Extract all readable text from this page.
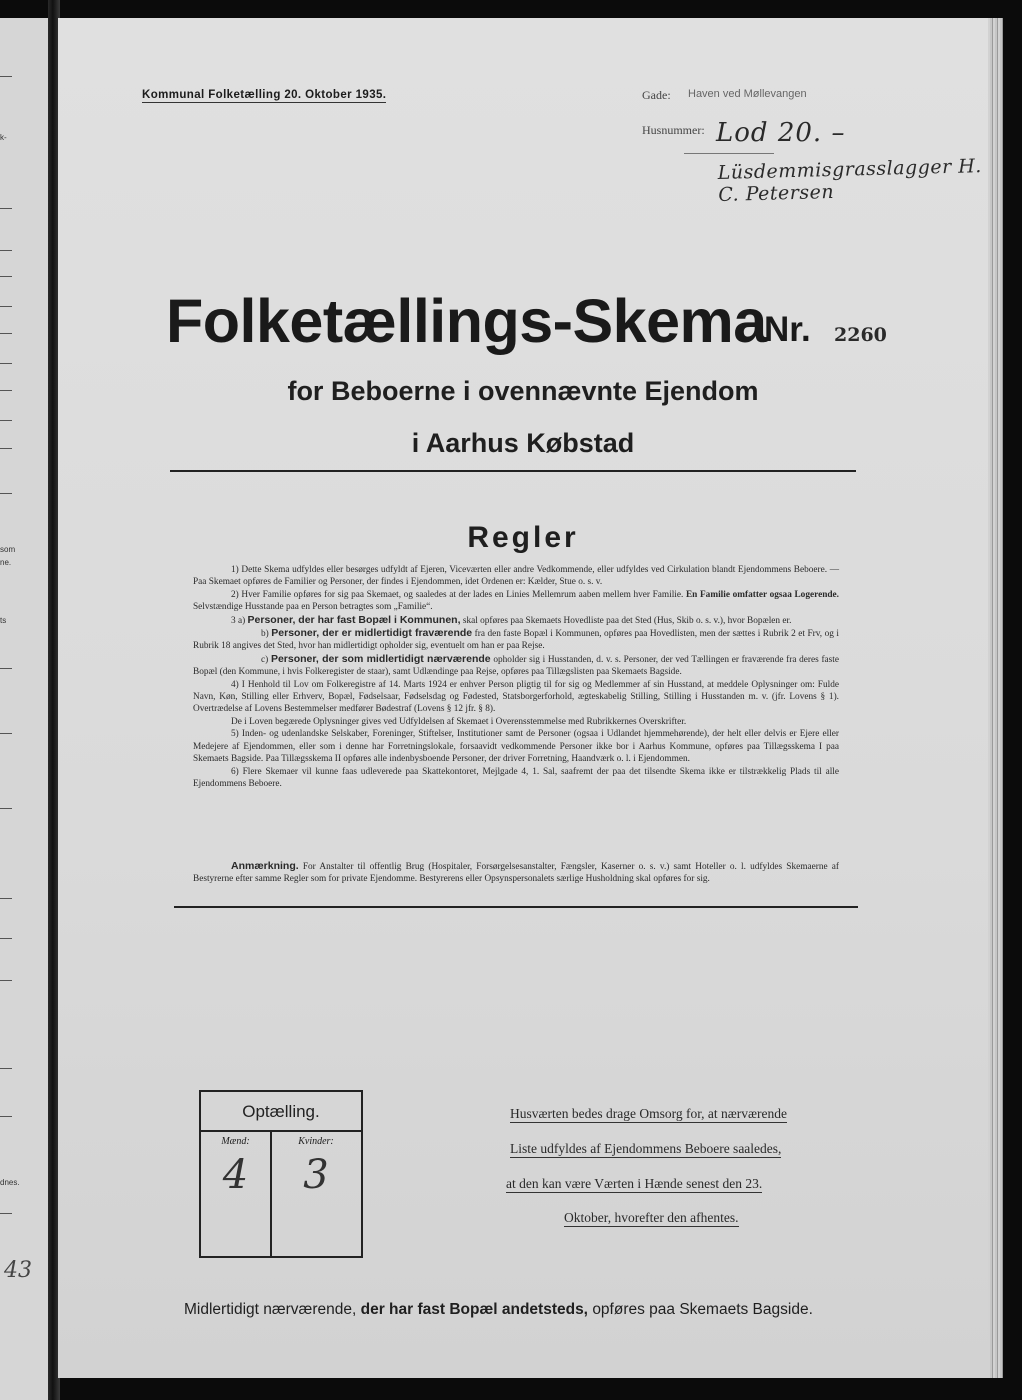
k-
som
ne.
ts
dnes.
43
Kommunal Folketælling 20. Oktober 1935.	Gade: Haven ved Møllevangen
Husnummer: Lod 20. –
Lüsdemmisgrasslagger H. C. Petersen
Folketællings-Skema
Nr. 2260
for Beboerne i ovennævnte Ejendom
i Aarhus Købstad
Regler

1) Dette Skema udfyldes eller besørges udfyldt af Ejeren, Viceværten eller andre Vedkommende, eller udfyldes ved Cirkulation blandt Ejendommens Beboere. — Paa Skemaet opføres de Familier og Personer, der findes i Ejendommen, idet Ordenen er: Kælder, Stue o. s. v.

2) Hver Familie opføres for sig paa Skemaet, og saaledes at der lades en Linies Mellemrum aaben mellem hver Familie. En Familie omfatter ogsaa Logerende. Selvstændige Husstande paa en Person betragtes som „Familie“.

3 a) Personer, der har fast Bopæl i Kommunen, skal opføres paa Skemaets Hovedliste paa det Sted (Hus, Skib o. s. v.), hvor Bopælen er.

b) Personer, der er midlertidigt fraværende fra den faste Bopæl i Kommunen, opføres paa Hovedlisten, men der sættes i Rubrik 2 et Frv, og i Rubrik 18 angives det Sted, hvor han midlertidigt opholder sig, eventuelt om han er paa Rejse.

c) Personer, der som midlertidigt nærværende opholder sig i Husstanden, d. v. s. Personer, der ved Tællingen er fraværende fra deres faste Bopæl (den Kommune, i hvis Folkeregister de staar), samt Udlændinge paa Rejse, opføres paa Tillægslisten paa Skemaets Bagside.

4) I Henhold til Lov om Folkeregistre af 14. Marts 1924 er enhver Person pligtig til for sig og Medlemmer af sin Husstand, at meddele Oplysninger om: Fulde Navn, Køn, Stilling eller Erhverv, Bopæl, Fødselsaar, Fødselsdag og Fødested, Statsborgerforhold, ægteskabelig Stilling, Stilling i Husstanden m. v. (jfr. Lovens § 1). Overtrædelse af Lovens Bestemmelser medfører Bødestraf (Lovens § 12 jfr. § 8).

De i Loven begærede Oplysninger gives ved Udfyldelsen af Skemaet i Overensstemmelse med Rubrikkernes Overskrifter.

5) Inden- og udenlandske Selskaber, Foreninger, Stiftelser, Institutioner samt de Personer (ogsaa i Udlandet hjemmehørende), der helt eller delvis er Ejere eller Medejere af Ejendommen, eller som i denne har Forretningslokale, forsaavidt vedkommende Personer ikke bor i Aarhus Kommune, opføres paa Tillægsskema I paa Skemaets Bagside. Paa Tillægsskema II opføres alle indenbysboende Personer, der driver Forretning, Haandværk o. l. i Ejendommen.

6) Flere Skemaer vil kunne faas udleverede paa Skattekontoret, Mejlgade 4, 1. Sal, saafremt der paa det tilsendte Skema ikke er tilstrækkelig Plads til alle Ejendommens Beboere.

Anmærkning. For Anstalter til offentlig Brug (Hospitaler, Forsørgelsesanstalter, Fængsler, Kaserner o. s. v.) samt Hoteller o. l. udfyldes Skemaerne af Bestyrerne efter samme Regler som for private Ejendomme. Bestyrerens eller Opsynspersonalets særlige Husholdning skal opføres for sig.

Optælling.
Mænd:	Kvinder:
4	3
Husværten bedes drage Omsorg for, at nærværende
Liste udfyldes af Ejendommens Beboere saaledes,
at den kan være Værten i Hænde senest den 23.
Oktober, hvorefter den afhentes.
Midlertidigt nærværende, der har fast Bopæl andetsteds, opføres paa Skemaets Bagside.
